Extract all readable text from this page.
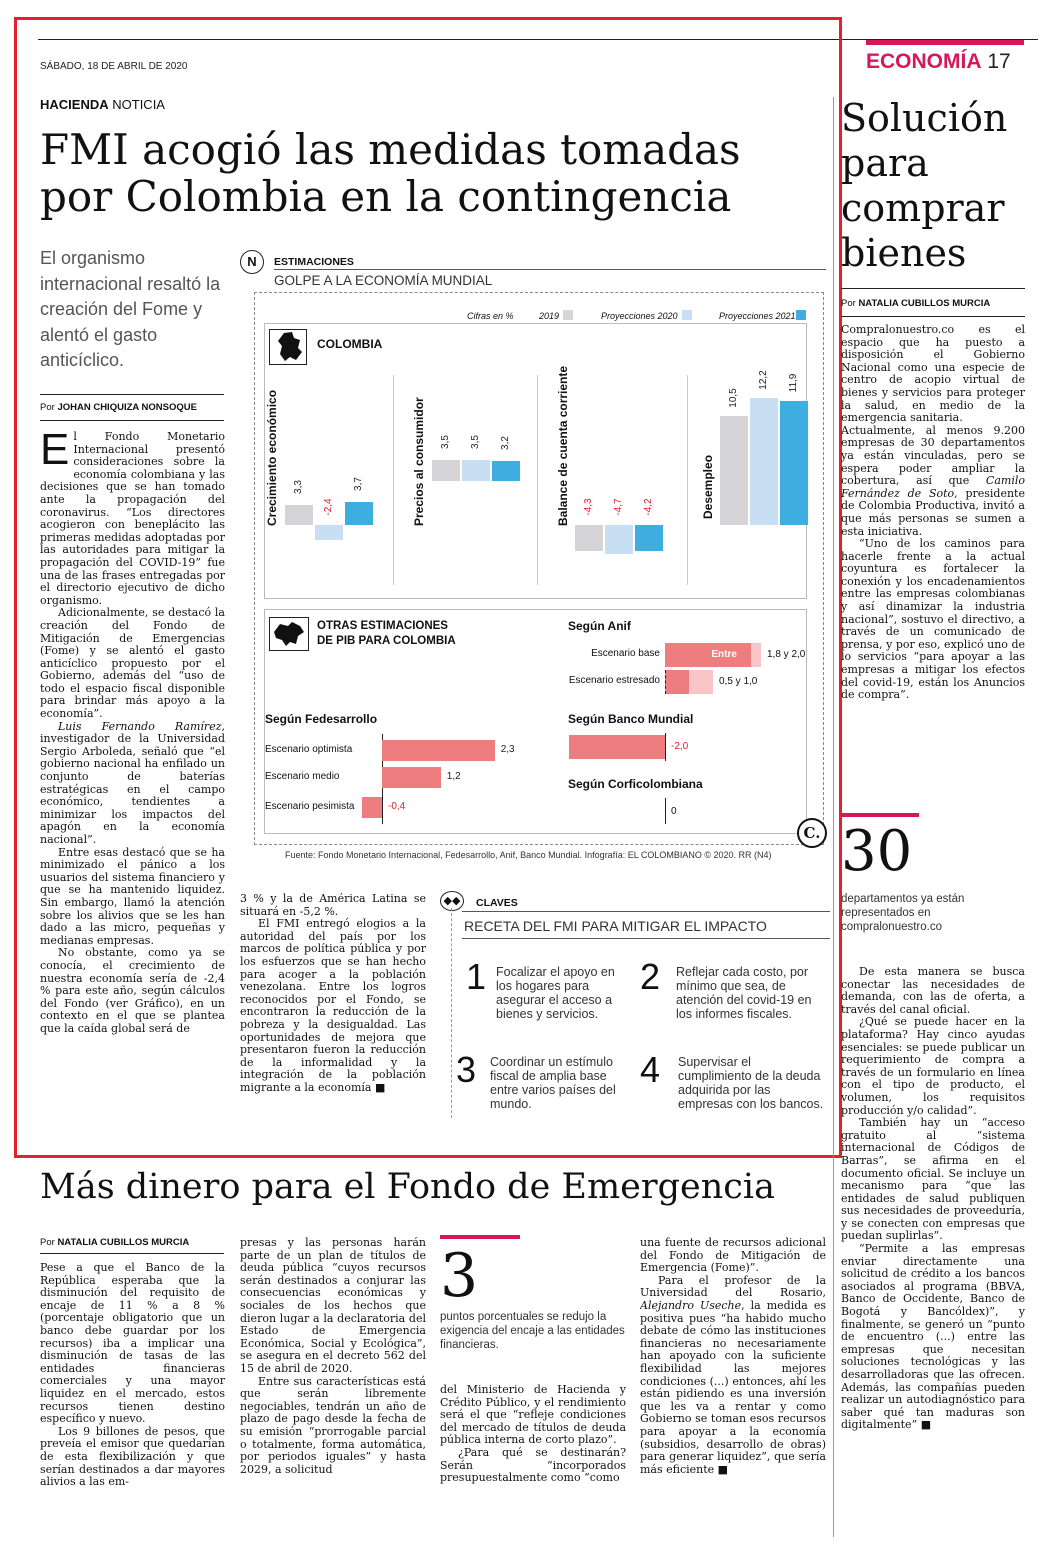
SÁBADO, 18 DE ABRIL DE 2020	ECONOMÍA 17
HACIENDA NOTICIA
FMI acogió las medidas tomadas
por Colombia en la contingencia
El organismo internacional resaltó la creación del Fome y alentó el gasto anticíclico.
Por JOHAN CHIQUIZA NONSOQUE

El Fondo Monetario Internacional presentó consideraciones sobre la economía colombiana y las decisiones que se han tomado ante la propagación del coronavirus. “Los directores acogieron con beneplácito las primeras medidas adoptadas por las autoridades para mitigar la propagación del COVID-19” fue una de las frases entregadas por el directorio ejecutivo de dicho organismo.

Adicionalmente, se destacó la creación del Fondo de Mitigación de Emergencias (Fome) y se alentó el gasto anticíclico propuesto por el Gobierno, además del “uso de todo el espacio fiscal disponible para brindar más apoyo a la economía”.

Luis Fernando Ramírez, investigador de la Universidad Sergio Arboleda, señaló que “el gobierno nacional ha enfilado un conjunto de baterías estratégicas en el campo económico, tendientes a minimizar los impactos del apagón en la economía nacional”.

Entre esas destacó que se ha minimizado el pánico a los usuarios del sistema financiero y que se ha mantenido liquidez. Sin embargo, llamó la atención sobre los alivios que se les han dado a las micro, pequeñas y medianas empresas.

No obstante, como ya se conocía, el crecimiento de nuestra economía sería de -2,4 % para este año, según cálculos del Fondo (ver Gráfico), en un contexto en el que se plantea que la caída global será de

3 % y la de América Latina se situará en -5,2 %.

El FMI entregó elogios a la autoridad del país por los marcos de política pública y por los esfuerzos que se han hecho para acoger a la población venezolana. Entre los logros reconocidos por el Fondo, se encontraron la reducción de la pobreza y la desigualdad. Las oportunidades de mejora que presentaron fueron la reducción de la informalidad y la integración de la población migrante a la economía ■

N	ESTIMACIONES
GOLPE A LA ECONOMÍA MUNDIAL
Cifras en %	2019	Proyecciones 2020	Proyecciones 2021
COLOMBIA
Crecimiento económico	Precios al consumidor	Balance de cuenta corriente	Desempleo
3,3
-2,4
3,7
3,5 3,5 3,2
-4,3 -4,7 -4,2
10,5
12,2 11,9
OTRAS ESTIMACIONES
DE PIB PARA COLOMBIA
Según Fedesarrollo
Escenario optimista	2,3
Escenario medio	1,2
Escenario pesimista	-0,4
Según Anif
Escenario base	Entre	1,8 y 2,0
Escenario estresado	0,5 y 1,0
Según Banco Mundial
-2,0
Según Corficolombiana
0
C.
Fuente: Fondo Monetario Internacional, Fedesarrollo, Anif, Banco Mundial. Infografía: EL COLOMBIANO © 2020. RR (N4)
◆◆	CLAVES
RECETA DEL FMI PARA MITIGAR EL IMPACTO
1 Focalizar el apoyo en los hogares para asegurar el acceso a bienes y servicios.
2 Reflejar cada costo, por mínimo que sea, de atención del covid-19 en los informes fiscales.
3 Coordinar un estímulo fiscal de amplia base entre varios países del mundo.
4 Supervisar el cumplimiento de la deuda adquirida por las empresas con los bancos.
Solución para comprar bienes
Por NATALIA CUBILLOS MURCIA

Compralonuestro.co es el espacio que ha puesto a disposición el Gobierno Nacional como una especie de centro de acopio virtual de bienes y servicios para proteger la salud, en medio de la emergencia sanitaria.

Actualmente, al menos 9.200 empresas de 30 departamentos ya están vinculadas, pero se espera poder ampliar la cobertura, así que Camilo Fernández de Soto, presidente de Colombia Productiva, invitó a que más personas se sumen a esta iniciativa.

“Uno de los caminos para hacerle frente a la actual coyuntura es fortalecer la conexión y los encadenamientos entre las empresas colombianas y así dinamizar la industria nacional”, sostuvo el directivo, a través de un comunicado de prensa, y por eso, explicó uno de lo servicios “para apoyar a las empresas a mitigar los efectos del covid-19, están los Anuncios de compra”.

30
departamentos ya están representados en compralonuestro.co

De esta manera se busca conectar las necesidades de demanda, con las de oferta, a través del canal oficial.

¿Qué se puede hacer en la plataforma? Hay cinco ayudas esenciales: se puede publicar un requerimiento de compra a través de un formulario en línea con el tipo de producto, el volumen, los requisitos producción y/o calidad”.

También hay un “acceso gratuito al “sistema internacional de Códigos de Barras”, se afirma en el documento oficial. Se incluye un mecanismo para “que las entidades de salud publiquen sus necesidades de proveeduría, y se conecten con empresas que puedan suplirlas”.

“Permite a las empresas enviar directamente una solicitud de crédito a los bancos asociados al programa (BBVA, Banco de Occidente, Banco de Bogotá y Bancóldex)”, y finalmente, se generó un “punto de encuentro (...) entre las empresas que necesitan soluciones tecnológicas y las desarrolladoras que las ofrecen. Además, las compañías pueden realizar un autodiagnóstico para saber qué tan maduras son digitalmente” ■

Más dinero para el Fondo de Emergencia
Por NATALIA CUBILLOS MURCIA

Pese a que el Banco de la República esperaba que la disminución del requisito de encaje de 11 % a 8 % (porcentaje obligatorio que un banco debe guardar por los recursos) iba a implicar una disminución de tasas de las entidades financieras comerciales y una mayor liquidez en el mercado, estos recursos tienen destino específico y nuevo.

Los 9 billones de pesos, que preveía el emisor que quedarían de esta flexibilización y que serían destinados a dar mayores alivios a las em-

presas y las personas harán parte de un plan de títulos de deuda pública “cuyos recursos serán destinados a conjurar las consecuencias económicas y sociales de los hechos que dieron lugar a la declaratoria del Estado de Emergencia Económica, Social y Ecológica”, se asegura en el decreto 562 del 15 de abril de 2020.

Entre sus características está que serán libremente negociables, tendrán un año de plazo de pago desde la fecha de su emisión “prorrogable parcial o totalmente, forma automática, por periodos iguales” y hasta 2029, a solicitud

3
puntos porcentuales se redujo la exigencia del encaje a las entidades financieras.

del Ministerio de Hacienda y Crédito Público, y el rendimiento será el que “refleje condiciones del mercado de títulos de deuda pública interna de corto plazo”.

¿Para qué se destinarán? Serán “incorporados presupuestalmente como “como

una fuente de recursos adicional del Fondo de Mitigación de Emergencia (Fome)”.

Para el profesor de la Universidad del Rosario, Alejandro Useche, la medida es positiva pues “ha habido mucho debate de cómo las instituciones financieras no necesariamente han apoyado con la suficiente flexibilidad las mejores condiciones (...) entonces, ahí les están pidiendo es una inversión que les va a rentar y como Gobierno se toman esos recursos para apoyar a la economía (subsidios, desarrollo de obras) para generar liquidez”, que sería más eficiente ■
